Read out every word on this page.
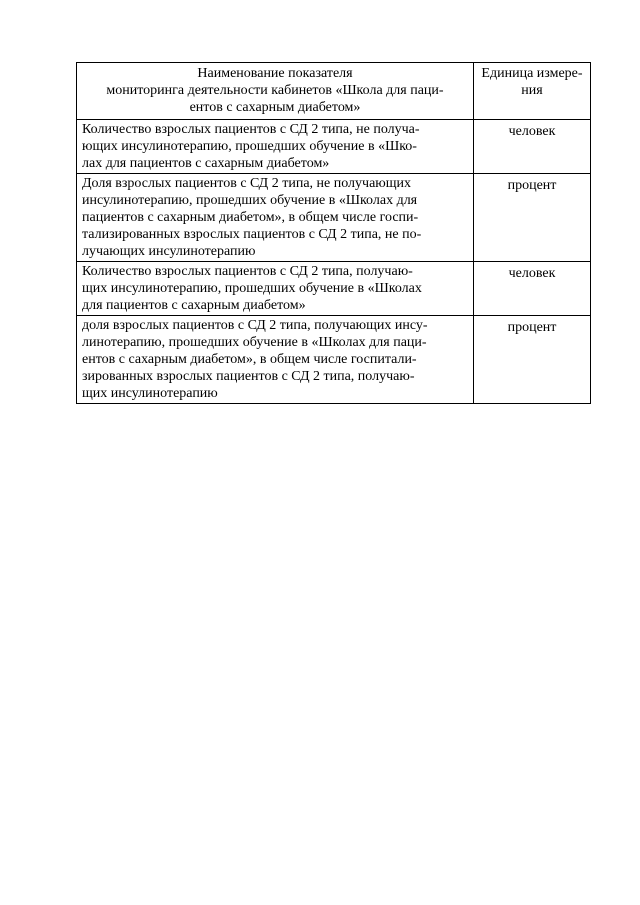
Наименование показателя
мониторинга деятельности кабинетов «Школа для паци-
ентов с сахарным диабетом»	Единица измере-
ния
Количество взрослых пациентов с СД 2 типа, не получа-
ющих инсулинотерапию, прошедших обучение в «Шко-
лах для пациентов с сахарным диабетом»	человек
Доля взрослых пациентов с СД 2 типа, не получающих
инсулинотерапию, прошедших обучение в «Школах для
пациентов с сахарным диабетом», в общем числе госпи-
тализированных взрослых пациентов с СД 2 типа, не по-
лучающих инсулинотерапию	процент
Количество взрослых пациентов с СД 2 типа, получаю-
щих инсулинотерапию, прошедших обучение в «Школах
для пациентов с сахарным диабетом»	человек
доля взрослых пациентов с СД 2 типа, получающих инсу-
линотерапию, прошедших обучение в «Школах для паци-
ентов с сахарным диабетом», в общем числе госпитали-
зированных взрослых пациентов с СД 2 типа, получаю-
щих инсулинотерапию	процент
